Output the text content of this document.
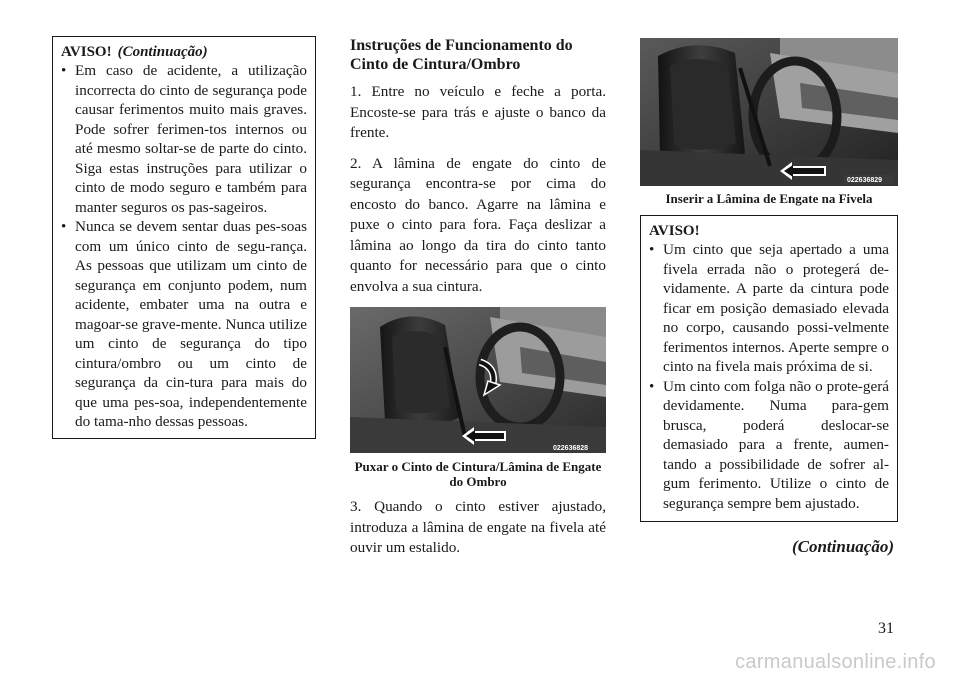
AVISO! (Continuação)
• Em caso de acidente, a utilização incorrecta do cinto de segurança pode causar ferimentos muito mais graves. Pode sofrer ferimen-tos internos ou até mesmo soltar-se de parte do cinto. Siga estas instruções para utilizar o cinto de modo seguro e também para manter seguros os pas-sageiros.
• Nunca se devem sentar duas pes-soas com um único cinto de segu-rança. As pessoas que utilizam um cinto de segurança em conjunto podem, num acidente, embater uma na outra e magoar-se grave-mente. Nunca utilize um cinto de segurança do tipo cintura/ombro ou um cinto de segurança da cin-tura para mais do que uma pes-soa, independentemente do tama-nho dessas pessoas.
Instruções de Funcionamento do Cinto de Cintura/Ombro

1. Entre no veículo e feche a porta. Encoste-se para trás e ajuste o banco da frente.

2. A lâmina de engate do cinto de segurança encontra-se por cima do encosto do banco. Agarre na lâmina e puxe o cinto para fora. Faça deslizar a lâmina ao longo da tira do cinto tanto quanto for necessário para que o cinto envolva a sua cintura.

022636828
Puxar o Cinto de Cintura/Lâmina de Engate do Ombro

3. Quando o cinto estiver ajustado, introduza a lâmina de engate na fivela até ouvir um estalido.

022636829
Inserir a Lâmina de Engate na Fivela
AVISO!
• Um cinto que seja apertado a uma fivela errada não o protegerá de-vidamente. A parte da cintura pode ficar em posição demasiado elevada no corpo, causando possi-velmente ferimentos internos. Aperte sempre o cinto na fivela mais próxima de si.
• Um cinto com folga não o prote-gerá devidamente. Numa para-gem brusca, poderá deslocar-se demasiado para a frente, aumen-tando a possibilidade de sofrer al-gum ferimento. Utilize o cinto de segurança sempre bem ajustado.
(Continuação)
31
carmanualsonline.info
